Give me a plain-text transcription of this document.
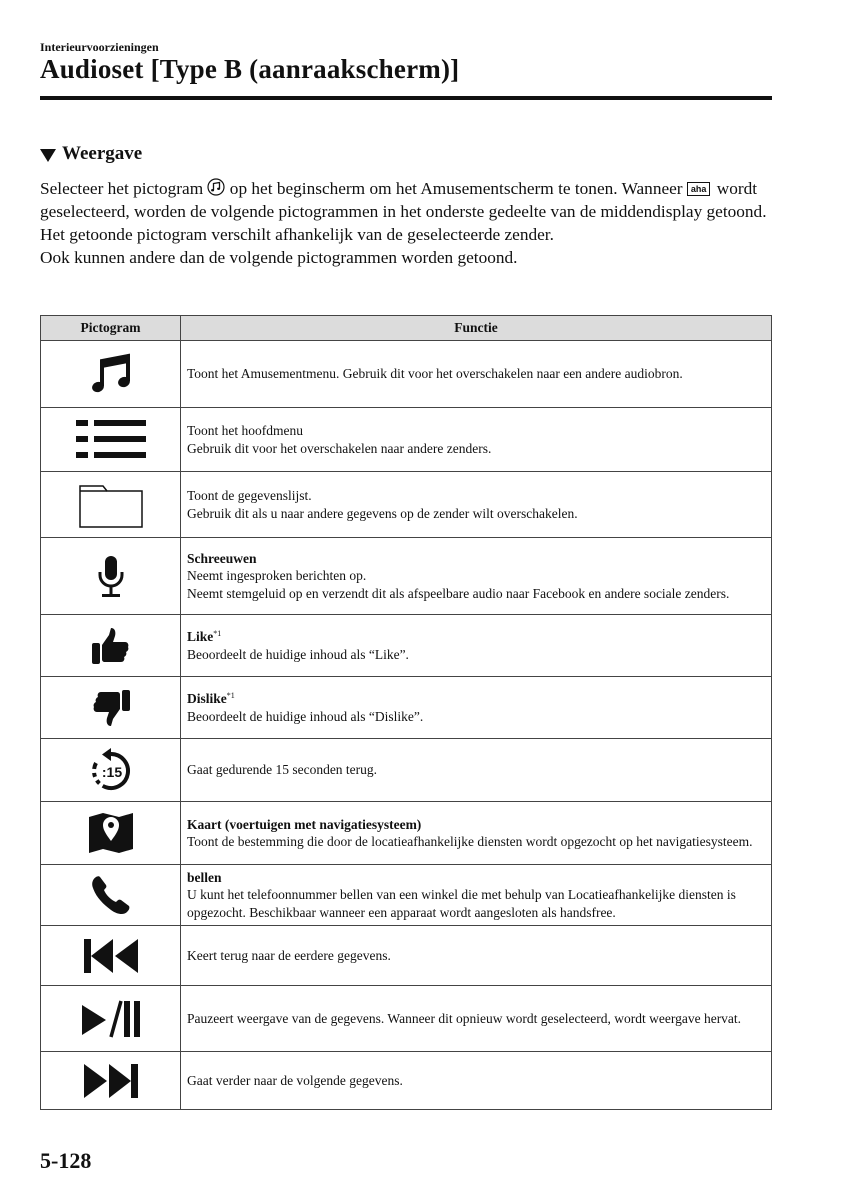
Interieurvoorzieningen
Audioset [Type B (aanraakscherm)]
Weergave

Selecteer het pictogram op het beginscherm om het Amusementscherm te tonen. Wanneer aha wordt geselecteerd, worden de volgende pictogrammen in het onderste gedeelte van de middendisplay getoond. Het getoonde pictogram verschilt afhankelijk van de geselecteerde zender.

Ook kunnen andere dan de volgende pictogrammen worden getoond.

Pictogram	Functie

Toont het Amusementmenu. Gebruik dit voor het overschakelen naar een andere audiobron.

Toont het hoofdmenu
Gebruik dit voor het overschakelen naar andere zenders.

Toont de gegevenslijst.
Gebruik dit als u naar andere gegevens op de zender wilt overschakelen.

Schreeuwen
Neemt ingesproken berichten op.
Neemt stemgeluid op en verzendt dit als afspeelbare audio naar Facebook en andere sociale zenders.

Like$^{*1}$
Beoordeelt de huidige inhoud als “Like”.

Dislike$^{*1}$
Beoordeelt de huidige inhoud als “Dislike”.

:15	Gaat gedurende 15 seconden terug.

Kaart (voertuigen met navigatiesysteem)
Toont de bestemming die door de locatieafhankelijke diensten wordt opgezocht op het navigatiesysteem.

bellen
U kunt het telefoonnummer bellen van een winkel die met behulp van Locatieafhankelijke diensten is opgezocht. Beschikbaar wanneer een apparaat wordt aangesloten als handsfree.

Keert terug naar de eerdere gegevens.

Pauzeert weergave van de gegevens. Wanneer dit opnieuw wordt geselecteerd, wordt weergave hervat.

Gaat verder naar de volgende gegevens.
5-128
